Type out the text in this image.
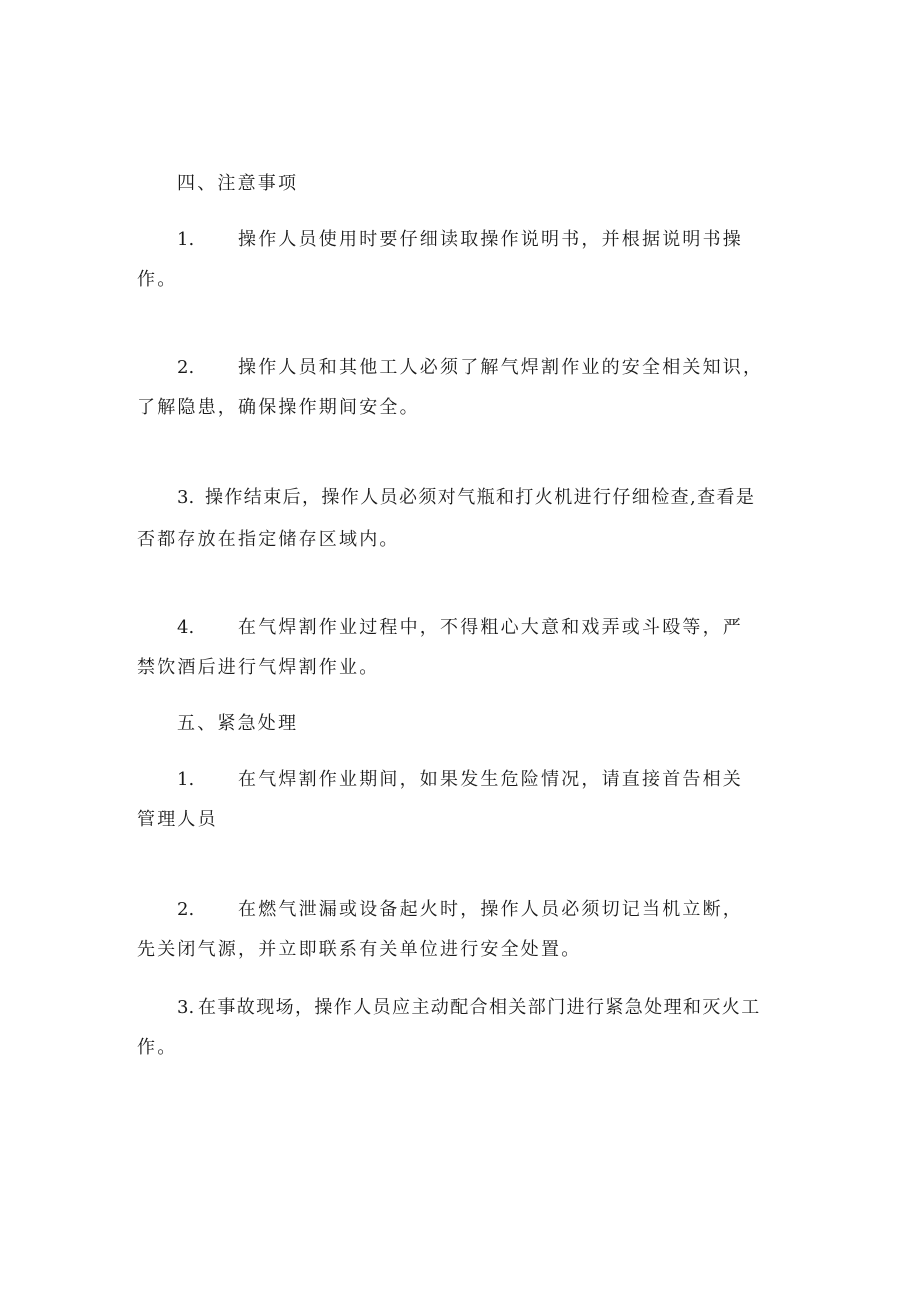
四、注意事项
1. 操作人员使用时要仔细读取操作说明书，并根据说明书操
作。
2. 操作人员和其他工人必须了解气焊割作业的安全相关知识，
了解隐患，确保操作期间安全。
3. 操作结束后，操作人员必须对气瓶和打火机进行仔细检查,查看是
否都存放在指定储存区域内。
4. 在气焊割作业过程中，不得粗心大意和戏弄或斗殴等，严
禁饮酒后进行气焊割作业。
五、紧急处理
1. 在气焊割作业期间，如果发生危险情况，请直接首告相关
管理人员
2. 在燃气泄漏或设备起火时，操作人员必须切记当机立断，
先关闭气源，并立即联系有关单位进行安全处置。
3. 在事故现场，操作人员应主动配合相关部门进行紧急处理和灭火工
作。
